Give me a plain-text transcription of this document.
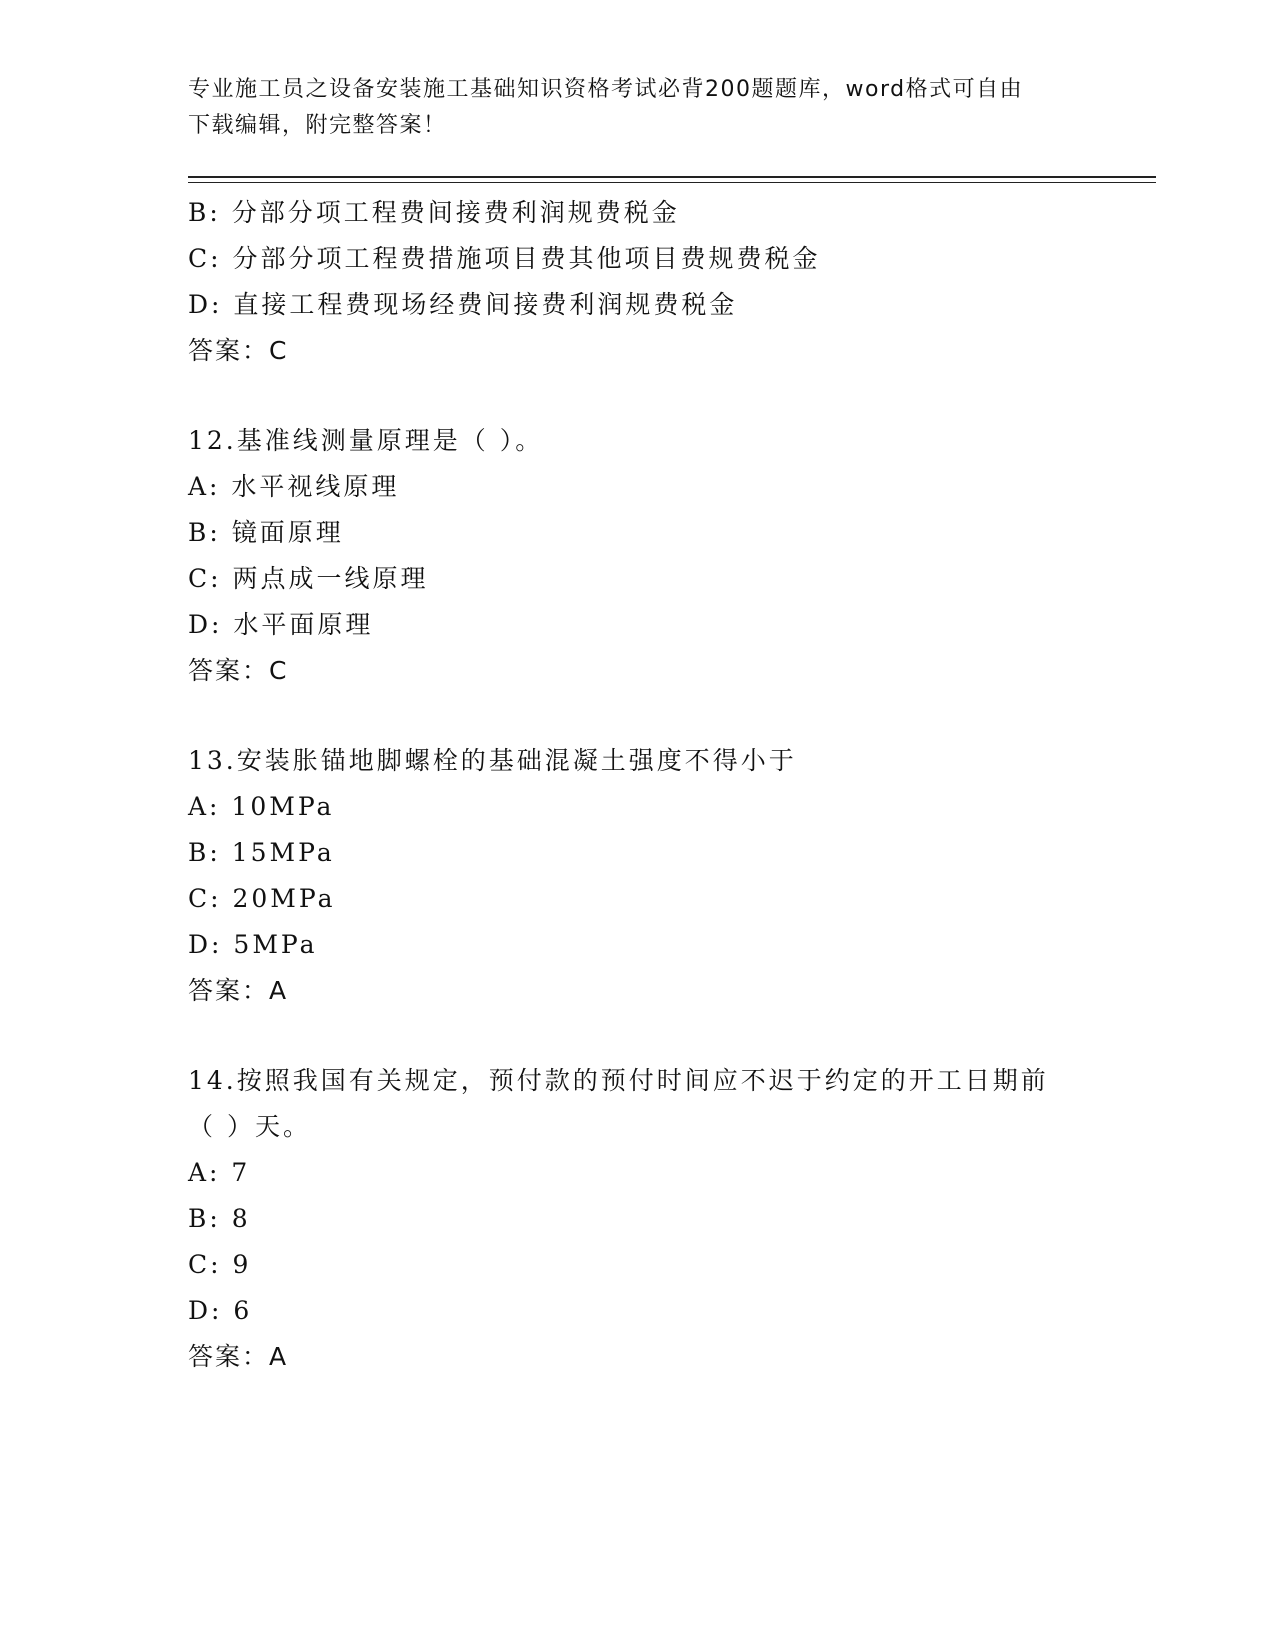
专业施工员之设备安装施工基础知识资格考试必背200题题库，word格式可自由
下载编辑，附完整答案！
B: 分部分项工程费间接费利润规费税金
C: 分部分项工程费措施项目费其他项目费规费税金
D: 直接工程费现场经费间接费利润规费税金
答案：C
12.基准线测量原理是（ ）。
A: 水平视线原理
B: 镜面原理
C: 两点成一线原理
D: 水平面原理
答案：C
13.安装胀锚地脚螺栓的基础混凝土强度不得小于
A: 10MPa
B: 15MPa
C: 20MPa
D: 5MPa
答案：A
14.按照我国有关规定，预付款的预付时间应不迟于约定的开工日期前
（ ）天。
A: 7
B: 8
C: 9
D: 6
答案：A
